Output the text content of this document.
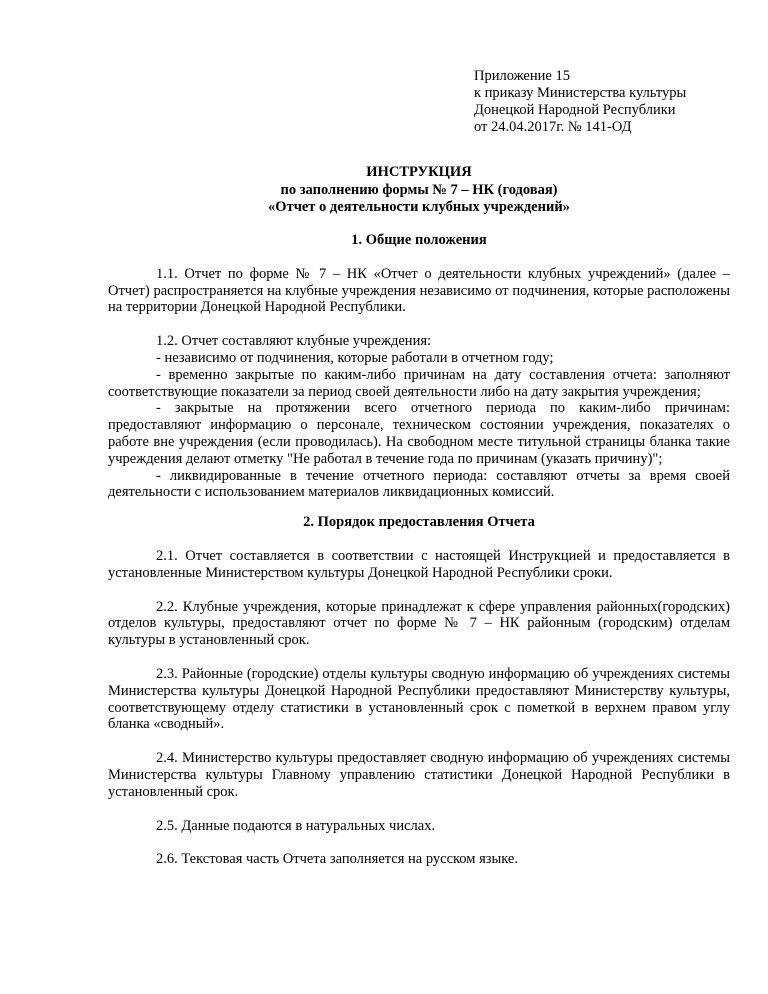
Приложение 15
к приказу Министерства культуры
Донецкой Народной Республики
от 24.04.2017г. № 141-ОД
ИНСТРУКЦИЯ
по заполнению формы № 7 – НК (годовая)
«Отчет о деятельности клубных учреждений»
1. Общие положения

1.1. Отчет по форме № 7 – НК «Отчет о деятельности клубных учреждений» (далее – Отчет) распространяется на клубные учреждения независимо от подчинения, которые расположены на территории Донецкой Народной Республики.

1.2. Отчет составляют клубные учреждения:

- независимо от подчинения, которые работали в отчетном году;

- временно закрытые по каким-либо причинам на дату составления отчета: заполняют соответствующие показатели за период своей деятельности либо на дату закрытия учреждения;

- закрытые на протяжении всего отчетного периода по каким-либо причинам: предоставляют информацию о персонале, техническом состоянии учреждения, показателях о работе вне учреждения (если проводилась). На свободном месте титульной страницы бланка такие учреждения делают отметку "Не работал в течение года по причинам (указать причину)";

- ликвидированные в течение отчетного периода: составляют отчеты за время своей деятельности с использованием материалов ликвидационных комиссий.

2. Порядок предоставления Отчета

2.1. Отчет составляется в соответствии с настоящей Инструкцией и предоставляется в установленные Министерством культуры Донецкой Народной Республики сроки.

2.2. Клубные учреждения, которые принадлежат к сфере управления районных(городских) отделов культуры, предоставляют отчет по форме № 7 – НК районным (городским) отделам культуры в установленный срок.

2.3. Районные (городские) отделы культуры сводную информацию об учреждениях системы Министерства культуры Донецкой Народной Республики предоставляют Министерству культуры, соответствующему отделу статистики в установленный срок с пометкой в верхнем правом углу бланка «сводный».

2.4. Министерство культуры предоставляет сводную информацию об учреждениях системы Министерства культуры Главному управлению статистики Донецкой Народной Республики в установленный срок.

2.5. Данные подаются в натуральных числах.

2.6. Текстовая часть Отчета заполняется на русском языке.
